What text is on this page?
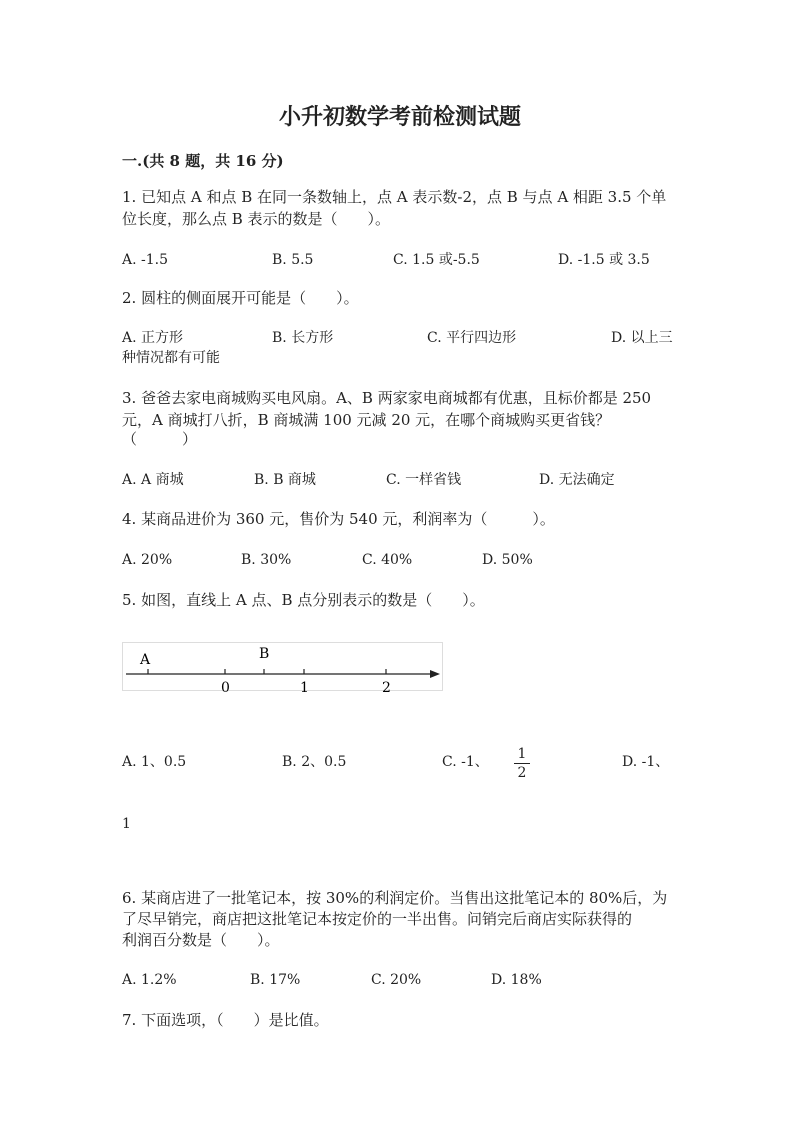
小升初数学考前检测试题
一.(共 8 题，共 16 分)
1. 已知点 A 和点 B 在同一条数轴上，点 A 表示数-2，点 B 与点 A 相距 3.5 个单
位长度，那么点 B 表示的数是（　　）。
A. -1.5	B. 5.5	C. 1.5 或-5.5	D. -1.5 或 3.5
2. 圆柱的侧面展开可能是（　　）。
A. 正方形	B. 长方形	C. 平行四边形	D. 以上三
种情况都有可能
3. 爸爸去家电商城购买电风扇。A、B 两家家电商城都有优惠，且标价都是 250
元，A 商城打八折，B 商城满 100 元减 20 元，在哪个商城购买更省钱？
（　　　）
A. A 商城	B. B 商城	C. 一样省钱	D. 无法确定
4. 某商品进价为 360 元，售价为 540 元，利润率为（　　　）。
A. 20%	B. 30%	C. 40%	D. 50%
5. 如图，直线上 A 点、B 点分别表示的数是（　　）。
A	B
0	1	2
A. 1、0.5	B. 2、0.5	C. -1、 1
2
D. -1、
1
6. 某商店进了一批笔记本，按 30%的利润定价。当售出这批笔记本的 80%后，为
了尽早销完，商店把这批笔记本按定价的一半出售。问销完后商店实际获得的
利润百分数是（　　）。
A. 1.2%	B. 17%	C. 20%	D. 18%
7. 下面选项，（　　）是比值。
